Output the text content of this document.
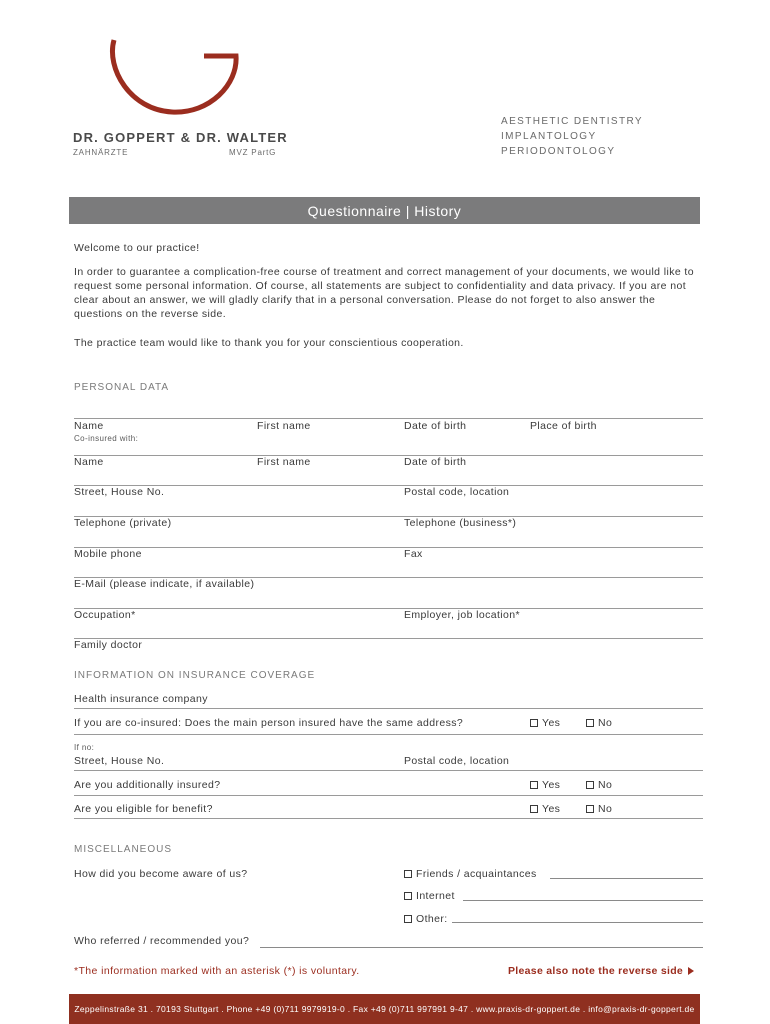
DR. GOPPERT & DR. WALTER
ZAHNÄRZTE	MVZ PartG
AESTHETIC DENTISTRY
IMPLANTOLOGY
PERIODONTOLOGY
Questionnaire | History
Welcome to our practice!
In order to guarantee a complication-free course of treatment and correct management of your documents, we would like to request some personal information. Of course, all statements are subject to confidentiality and data privacy. If you are not clear about an answer, we will gladly clarify that in a personal conversation. Please do not forget to also answer the questions on the reverse side.
The practice team would like to thank you for your conscientious cooperation.
PERSONAL DATA
Name	First name	Date of birth	Place of birth
Co-insured with:
Name	First name	Date of birth
Street, House No.	Postal code, location
Telephone (private)	Telephone (business*)
Mobile phone	Fax
E-Mail (please indicate, if available)
Occupation*	Employer, job location*
Family doctor
INFORMATION ON INSURANCE COVERAGE
Health insurance company
If you are co-insured: Does the main person insured have the same address?	Yes	No
If no:
Street, House No.	Postal code, location
Are you additionally insured?	Yes	No
Are you eligible for benefit?	Yes	No
MISCELLANEOUS
How did you become aware of us?	Friends / acquaintances
Internet
Other:
Who referred / recommended you?
*The information marked with an asterisk (*) is voluntary.	Please also note the reverse side
Zeppelinstraße 31 . 70193 Stuttgart . Phone +49 (0)711 9979919-0 . Fax +49 (0)711 997991 9-47 . www.praxis-dr-goppert.de . info@praxis-dr-goppert.de
